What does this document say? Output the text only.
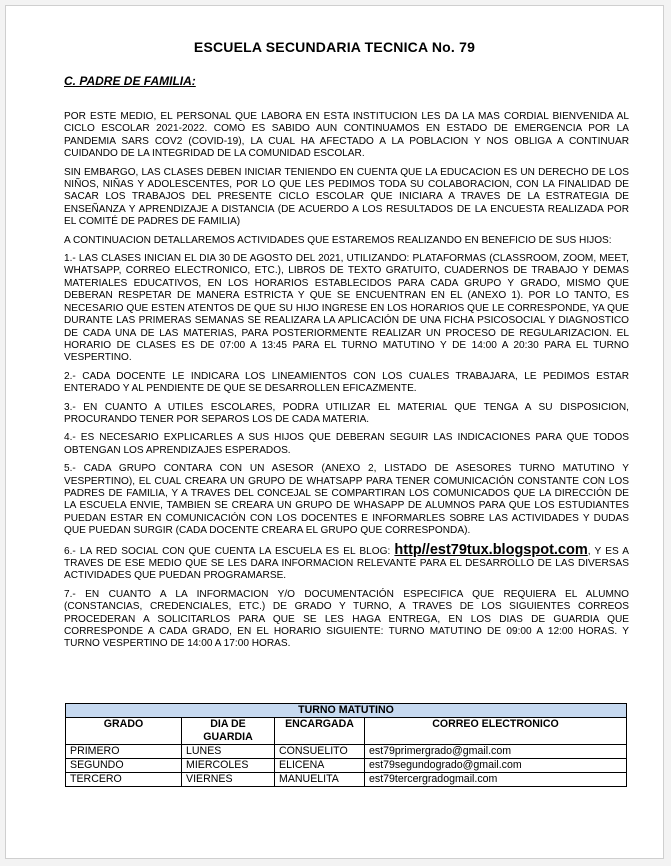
ESCUELA SECUNDARIA TECNICA No. 79
C. PADRE DE FAMILIA:

POR ESTE MEDIO, EL PERSONAL QUE LABORA EN ESTA INSTITUCION LES DA LA MAS CORDIAL BIENVENIDA AL CICLO ESCOLAR 2021-2022. COMO ES SABIDO AUN CONTINUAMOS EN ESTADO DE EMERGENCIA POR LA PANDEMIA SARS COV2 (COVID-19), LA CUAL HA AFECTADO A LA POBLACION Y NOS OBLIGA A CONTINUAR CUIDANDO DE LA INTEGRIDAD DE LA COMUNIDAD ESCOLAR.

SIN EMBARGO, LAS CLASES DEBEN INICIAR TENIENDO EN CUENTA QUE LA EDUCACION ES UN DERECHO DE LOS NIÑOS, NIÑAS Y ADOLESCENTES, POR LO QUE LES PEDIMOS TODA SU COLABORACION, CON LA FINALIDAD DE SACAR LOS TRABAJOS DEL PRESENTE CICLO ESCOLAR QUE INICIARA A TRAVES DE LA ESTRATEGIA DE ENSEÑANZA Y APRENDIZAJE A DISTANCIA (DE ACUERDO A LOS RESULTADOS DE LA ENCUESTA REALIZADA POR EL COMITÉ DE PADRES DE FAMILIA)

A CONTINUACION DETALLAREMOS ACTIVIDADES QUE ESTAREMOS REALIZANDO EN BENEFICIO DE SUS HIJOS:

1.- LAS CLASES INICIAN EL DIA 30 DE AGOSTO DEL 2021, UTILIZANDO: PLATAFORMAS (CLASSROOM, ZOOM, MEET, WHATSAPP, CORREO ELECTRONICO, ETC.), LIBROS DE TEXTO GRATUITO, CUADERNOS DE TRABAJO Y DEMAS MATERIALES EDUCATIVOS, EN LOS HORARIOS ESTABLECIDOS PARA CADA GRUPO Y GRADO, MISMO QUE DEBERAN RESPETAR DE MANERA ESTRICTA Y QUE SE ENCUENTRAN EN EL (ANEXO 1). POR LO TANTO, ES NECESARIO QUE ESTEN ATENTOS DE QUE SU HIJO INGRESE EN LOS HORARIOS QUE LE CORRESPONDE, YA QUE DURANTE LAS PRIMERAS SEMANAS SE REALIZARA LA APLICACIÓN DE UNA FICHA PSICOSOCIAL Y DIAGNOSTICO DE CADA UNA DE LAS MATERIAS, PARA POSTERIORMENTE REALIZAR UN PROCESO DE REGULARIZACION. EL HORARIO DE CLASES ES DE 07:00 A 13:45 PARA EL TURNO MATUTINO Y DE 14:00 A 20:30 PARA EL TURNO VESPERTINO.

2.- CADA DOCENTE LE INDICARA LOS LINEAMIENTOS CON LOS CUALES TRABAJARA, LE PEDIMOS ESTAR ENTERADO Y AL PENDIENTE DE QUE SE DESARROLLEN EFICAZMENTE.

3.- EN CUANTO A UTILES ESCOLARES, PODRA UTILIZAR EL MATERIAL QUE TENGA A SU DISPOSICION, PROCURANDO TENER POR SEPAROS LOS DE CADA MATERIA.

4.- ES NECESARIO EXPLICARLES A SUS HIJOS QUE DEBERAN SEGUIR LAS INDICACIONES PARA QUE TODOS OBTENGAN LOS APRENDIZAJES ESPERADOS.

5.- CADA GRUPO CONTARA CON UN ASESOR (ANEXO 2, LISTADO DE ASESORES TURNO MATUTINO Y VESPERTINO), EL CUAL CREARA UN GRUPO DE WHATSAPP PARA TENER COMUNICACIÓN CONSTANTE CON LOS PADRES DE FAMILIA, Y A TRAVES DEL CONCEJAL SE COMPARTIRAN LOS COMUNICADOS QUE LA DIRECCIÓN DE LA ESCUELA ENVIE, TAMBIEN SE CREARA UN GRUPO DE WHASAPP DE ALUMNOS PARA QUE LOS ESTUDIANTES PUEDAN ESTAR EN COMUNICACIÓN CON LOS DOCENTES E INFORMARLES SOBRE LAS ACTIVIDADES Y DUDAS QUE PUEDAN SURGIR (CADA DOCENTE CREARA EL GRUPO QUE CORRESPONDA).

6.- LA RED SOCIAL CON QUE CUENTA LA ESCUELA ES EL BLOG: http//est79tux.blogspot.com, Y ES A TRAVES DE ESE MEDIO QUE SE LES DARA INFORMACION RELEVANTE PARA EL DESARROLLO DE LAS DIVERSAS ACTIVIDADES QUE PUEDAN PROGRAMARSE.

7.- EN CUANTO A LA INFORMACION Y/O DOCUMENTACIÓN ESPECIFICA QUE REQUIERA EL ALUMNO (CONSTANCIAS, CREDENCIALES, ETC.) DE GRADO Y TURNO, A TRAVES DE LOS SIGUIENTES CORREOS PROCEDERAN A SOLICITARLOS PARA QUE SE LES HAGA ENTREGA, EN LOS DIAS DE GUARDIA QUE CORRESPONDE A CADA GRADO, EN EL HORARIO SIGUIENTE: TURNO MATUTINO DE 09:00 A 12:00 HORAS. Y TURNO VESPERTINO DE 14:00 A 17:00 HORAS.

TURNO MATUTINO			
GRADO	DIA DE GUARDIA	ENCARGADA	CORREO ELECTRONICO
PRIMERO	LUNES	CONSUELITO	est79primergrado@gmail.com
SEGUNDO	MIERCOLES	ELICENA	est79segundogrado@gmail.com
TERCERO	VIERNES	MANUELITA	est79tercergradogmail.com
